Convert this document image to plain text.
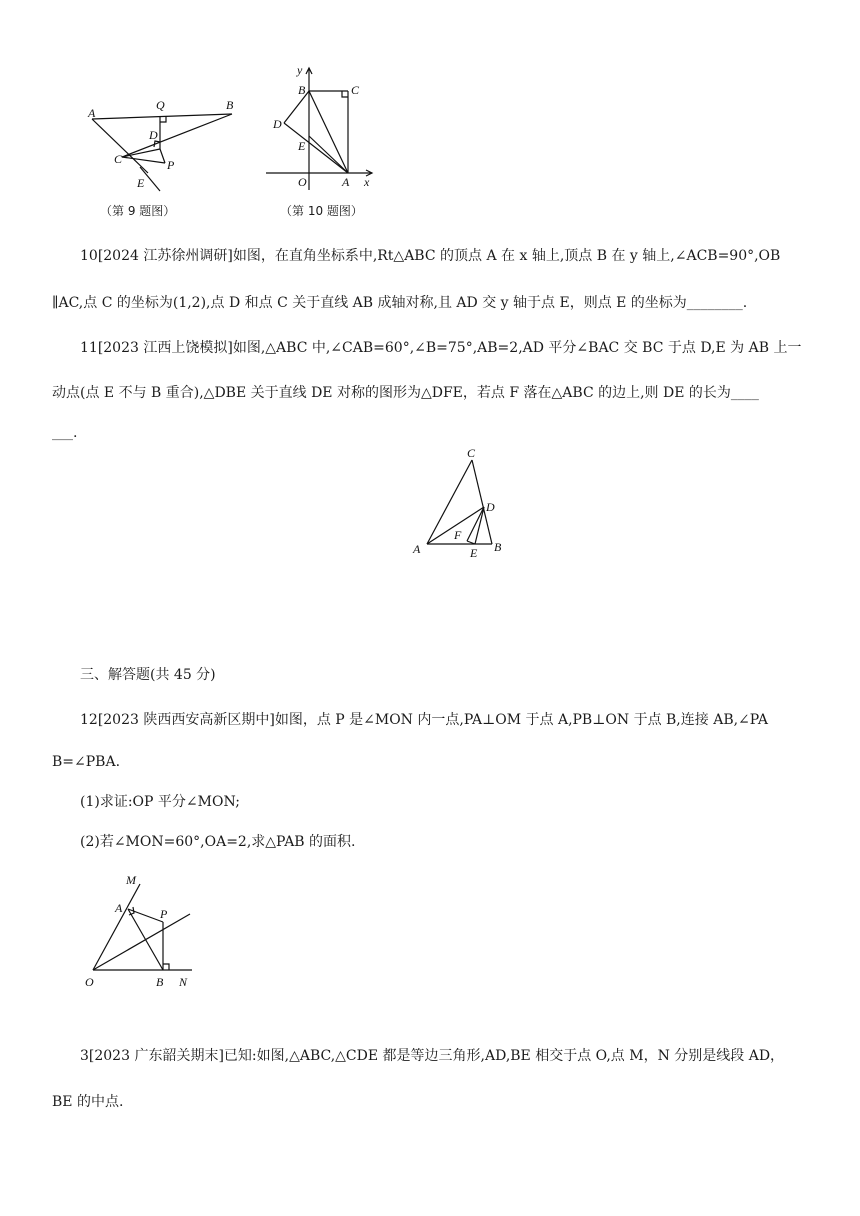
A
Q	B
D
C	P
E
（第 9 题图）
y
B	C
D
E
O	A x
（第 10 题图）
10[2024 江苏徐州调研]如图，在直角坐标系中,Rt△ABC 的顶点 A 在 x 轴上,顶点 B 在 y 轴上,∠ACB=90°,OB
∥AC,点 C 的坐标为(1,2),点 D 和点 C 关于直线 AB 成轴对称,且 AD 交 y 轴于点 E，则点 E 的坐标为________.
11[2023 江西上饶模拟]如图,△ABC 中,∠CAB=60°,∠B=75°,AB=2,AD 平分∠BAC 交 BC 于点 D,E 为 AB 上一
动点(点 E 不与 B 重合),△DBE 关于直线 DE 对称的图形为△DFE，若点 F 落在△ABC 的边上,则 DE 的长为____
___.
C
D
A
F
E B
三、解答题(共 45 分)
12[2023 陕西西安高新区期中]如图，点 P 是∠MON 内一点,PA⊥OM 于点 A,PB⊥ON 于点 B,连接 AB,∠PA
B=∠PBA.
(1)求证:OP 平分∠MON;
(2)若∠MON=60°,OA=2,求△PAB 的面积.
M
A	P
O	B N
3[2023 广东韶关期末]已知:如图,△ABC,△CDE 都是等边三角形,AD,BE 相交于点 O,点 M，N 分别是线段 AD，
BE 的中点.
